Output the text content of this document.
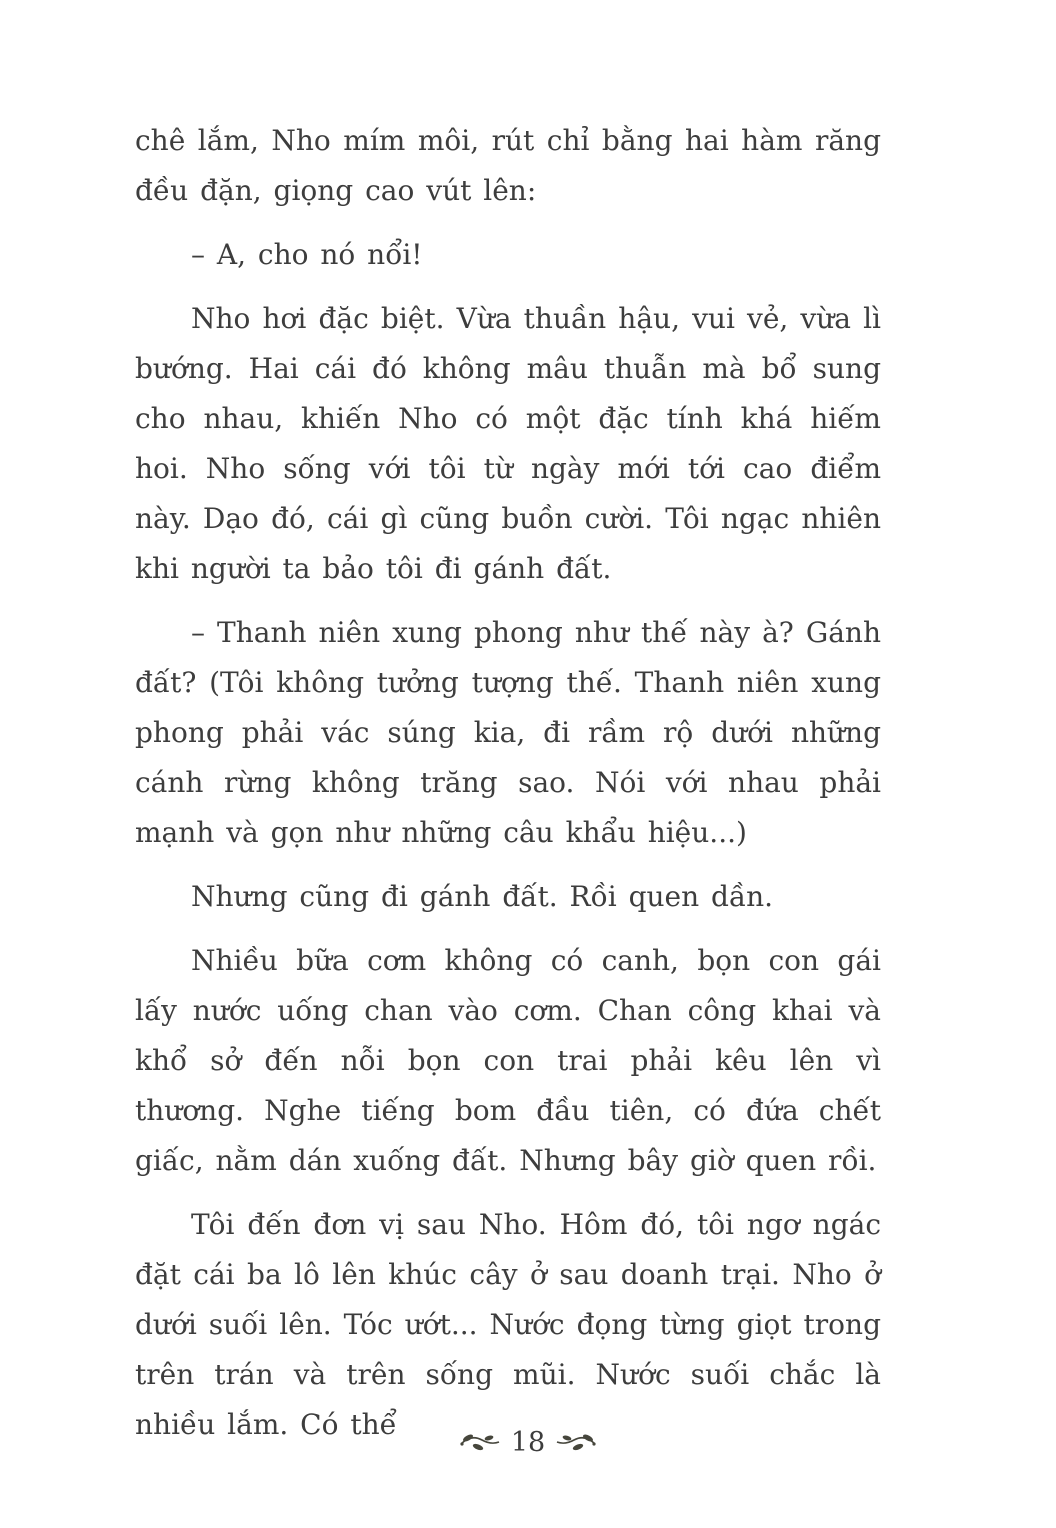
chê lắm, Nho mím môi, rút chỉ bằng hai hàm răng đều đặn, giọng cao vút lên:

– A, cho nó nổi!

Nho hơi đặc biệt. Vừa thuần hậu, vui vẻ, vừa lì bướng. Hai cái đó không mâu thuẫn mà bổ sung cho nhau, khiến Nho có một đặc tính khá hiếm hoi. Nho sống với tôi từ ngày mới tới cao điểm này. Dạo đó, cái gì cũng buồn cười. Tôi ngạc nhiên khi người ta bảo tôi đi gánh đất.

– Thanh niên xung phong như thế này à? Gánh đất? (Tôi không tưởng tượng thế. Thanh niên xung phong phải vác súng kia, đi rầm rộ dưới những cánh rừng không trăng sao. Nói với nhau phải mạnh và gọn như những câu khẩu hiệu...)

Nhưng cũng đi gánh đất. Rồi quen dần.

Nhiều bữa cơm không có canh, bọn con gái lấy nước uống chan vào cơm. Chan công khai và khổ sở đến nỗi bọn con trai phải kêu lên vì thương. Nghe tiếng bom đầu tiên, có đứa chết giấc, nằm dán xuống đất. Nhưng bây giờ quen rồi.

Tôi đến đơn vị sau Nho. Hôm đó, tôi ngơ ngác đặt cái ba lô lên khúc cây ở sau doanh trại. Nho ở dưới suối lên. Tóc ướt... Nước đọng từng giọt trong trên trán và trên sống mũi. Nước suối chắc là nhiều lắm. Có thể

18
